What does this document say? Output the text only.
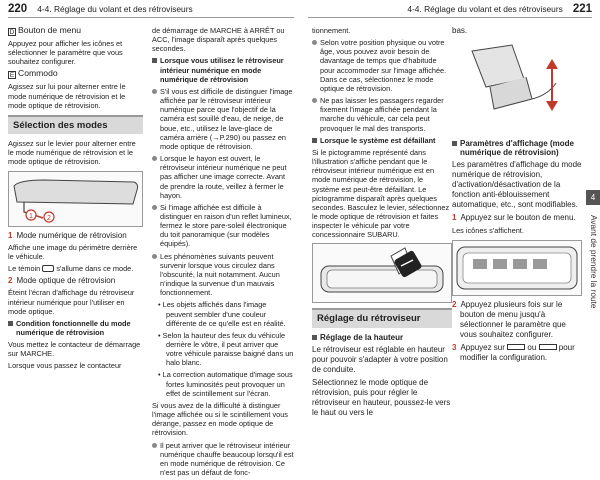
220 4-4. Réglage du volant et des rétroviseurs	4-4. Réglage du volant et des rétroviseurs 221

D Bouton de menu

Appuyez pour afficher les icônes et sélectionner le paramètre que vous souhaitez configurer.

E Commodo

Agissez sur lui pour alterner entre le mode numérique de rétrovision et le mode optique de rétrovision.

Sélection des modes

Agissez sur le levier pour alterner entre le mode numérique de rétrovision et le mode optique de rétrovision.

1 2

1 Mode numérique de rétrovision

Affiche une image du périmètre derrière le véhicule.

Le témoin s'allume dans ce mode.

2 Mode optique de rétrovision

Éteint l'écran d'affichage du rétroviseur intérieur numérique pour l'utiliser en mode optique.

Condition fonctionnelle du mode numérique de rétrovision

Vous mettez le contacteur de démarrage sur MARCHE.

Lorsque vous passez le contacteur

de démarrage de MARCHE à ARRÊT ou ACC, l'image disparaît après quelques secondes.

Lorsque vous utilisez le rétroviseur intérieur numérique en mode numérique de rétrovision

S'il vous est difficile de distinguer l'image affichée par le rétroviseur intérieur numérique parce que l'objectif de la caméra est souillé d'eau, de neige, de boue, etc., utilisez le lave-glace de caméra arrière (→P.290) ou passez en mode optique de rétrovision.

Lorsque le hayon est ouvert, le rétroviseur intérieur numérique ne peut pas afficher une image correcte. Avant de prendre la route, veillez à fermer le hayon.

Si l'image affichée est difficile à distinguer en raison d'un reflet lumineux, fermez le store pare-soleil électronique du toit panoramique (sur modèles équipés).

Les phénomènes suivants peuvent survenir lorsque vous circulez dans l'obscurité, la nuit notamment. Aucun n'indique la survenue d'un mauvais fonctionnement.

• Les objets affichés dans l'image peuvent sembler d'une couleur différente de ce qu'elle est en réalité.

• Selon la hauteur des feux du véhicule derrière le vôtre, il peut arriver que votre véhicule paraisse baigné dans un halo blanc.

• La correction automatique d'image sous fortes luminosités peut provoquer un effet de scintillement sur l'écran.

Si vous avez de la difficulté à distinguer l'image affichée ou si le scintillement vous dérange, passez en mode optique de rétrovision.

Il peut arriver que le rétroviseur intérieur numérique chauffe beaucoup lorsqu'il est en mode numérique de rétrovision. Ce n'est pas un défaut de fonc-

tionnement.

Selon votre position physique ou votre âge, vous pouvez avoir besoin de davantage de temps que d'habitude pour accommoder sur l'image affichée. Dans ce cas, sélectionnez le mode optique de rétrovision.

Ne pas laisser les passagers regarder fixement l'image affichée pendant la marche du véhicule, car cela peut provoquer le mal des transports.

Lorsque le système est défaillant

Si le pictogramme représenté dans l'illustration s'affiche pendant que le rétroviseur intérieur numérique est en mode numérique de rétrovision, le système est peut-être défaillant. Le pictogramme disparaît après quelques secondes. Basculez le levier, sélectionnez le mode optique de rétrovision et faites inspecter le véhicule par votre concessionnaire SUBARU.

Réglage du rétroviseur

Réglage de la hauteur

Le rétroviseur est réglable en hauteur pour pouvoir s'adapter à votre position de conduite.

Sélectionnez le mode optique de rétrovision, puis pour régler le rétroviseur en hauteur, poussez-le vers le haut ou vers le

bas.

Paramètres d'affichage (mode numérique de rétrovision)

Les paramètres d'affichage du mode numérique de rétrovision, d'activation/désactivation de la fonction anti-éblouissement automatique, etc., sont modifiables.

1 Appuyez sur le bouton de menu.

Les icônes s'affichent.

2 Appuyez plusieurs fois sur le bouton de menu jusqu'à sélectionner le paramètre que vous souhaitez configurer.

3 Appuyez sur	ou	pour modifier la configuration.

4
Avant de prendre la route
